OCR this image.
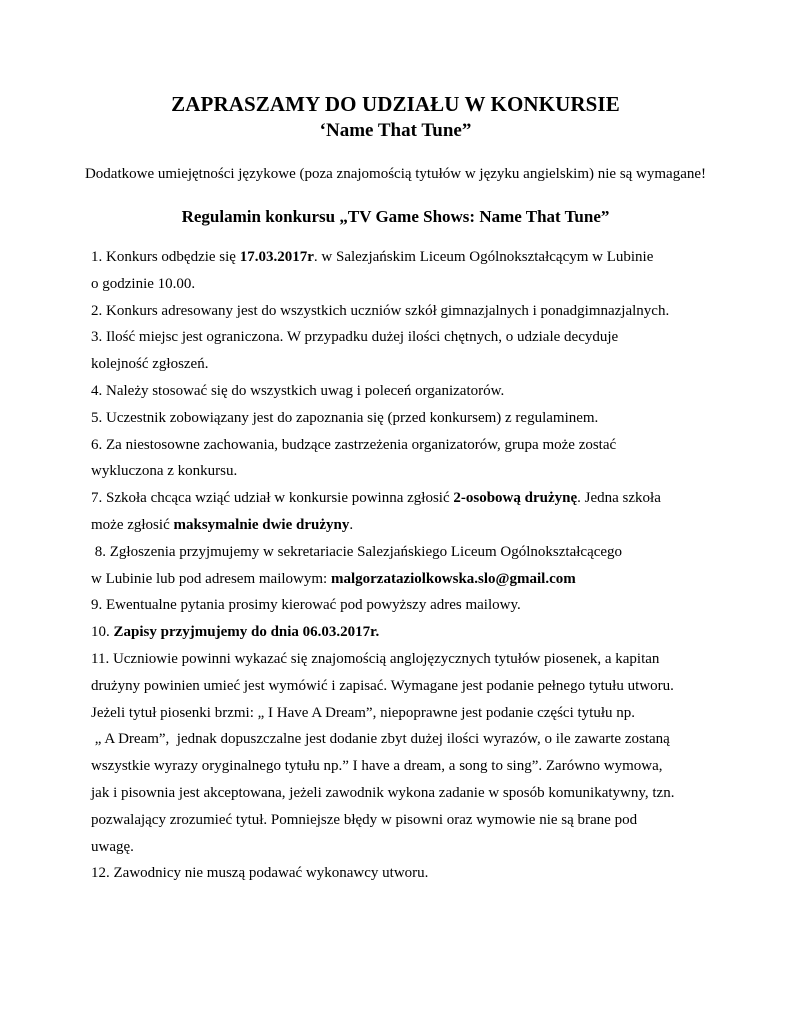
ZAPRASZAMY DO UDZIAŁU W KONKURSIE
‘Name That Tune”
Dodatkowe umiejętności językowe (poza znajomością tytułów w języku angielskim) nie są wymagane!
Regulamin konkursu „TV Game Shows: Name That Tune”
1. Konkurs odbędzie się 17.03.2017r. w Salezjańskim Liceum Ogólnokształcącym w Lubinie
o godzinie 10.00.
2. Konkurs adresowany jest do wszystkich uczniów szkół gimnazjalnych i ponadgimnazjalnych.
3. Ilość miejsc jest ograniczona. W przypadku dużej ilości chętnych, o udziale decyduje
kolejność zgłoszeń.
4. Należy stosować się do wszystkich uwag i poleceń organizatorów.
5. Uczestnik zobowiązany jest do zapoznania się (przed konkursem) z regulaminem.
6. Za niestosowne zachowania, budzące zastrzeżenia organizatorów, grupa może zostać
wykluczona z konkursu.
7. Szkoła chcąca wziąć udział w konkursie powinna zgłosić 2-osobową drużynę. Jedna szkoła
może zgłosić maksymalnie dwie drużyny.
8. Zgłoszenia przyjmujemy w sekretariacie Salezjańskiego Liceum Ogólnokształcącego
w Lubinie lub pod adresem mailowym: malgorzataziolkowska.slo@gmail.com
9. Ewentualne pytania prosimy kierować pod powyższy adres mailowy.
10. Zapisy przyjmujemy do dnia 06.03.2017r.
11. Uczniowie powinni wykazać się znajomością anglojęzycznych tytułów piosenek, a kapitan
drużyny powinien umieć jest wymówić i zapisać. Wymagane jest podanie pełnego tytułu utworu.
Jeżeli tytuł piosenki brzmi: „ I Have A Dream”, niepoprawne jest podanie części tytułu np.
„ A Dream”,  jednak dopuszczalne jest dodanie zbyt dużej ilości wyrazów, o ile zawarte zostaną
wszystkie wyrazy oryginalnego tytułu np.” I have a dream, a song to sing”. Zarówno wymowa,
jak i pisownia jest akceptowana, jeżeli zawodnik wykona zadanie w sposób komunikatywny, tzn.
pozwalający zrozumieć tytuł. Pomniejsze błędy w pisowni oraz wymowie nie są brane pod
uwagę.
12. Zawodnicy nie muszą podawać wykonawcy utworu.
